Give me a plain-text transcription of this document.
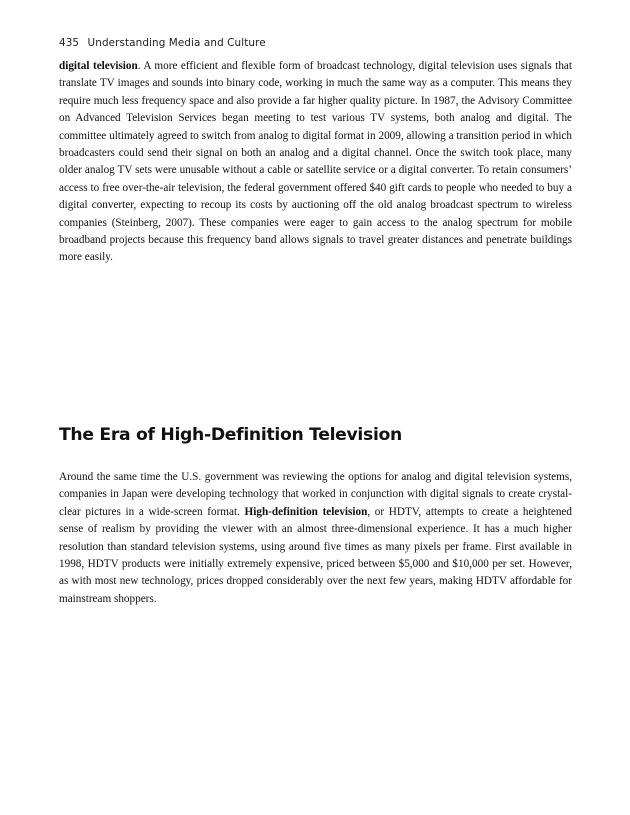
435 Understanding Media and Culture

digital television. A more efficient and flexible form of broadcast technology, digital television uses signals that translate TV images and sounds into binary code, working in much the same way as a computer. This means they require much less frequency space and also provide a far higher quality picture. In 1987, the Advisory Committee on Advanced Television Services began meeting to test various TV systems, both analog and digital. The committee ultimately agreed to switch from analog to digital format in 2009, allowing a transition period in which broadcasters could send their signal on both an analog and a digital channel. Once the switch took place, many older analog TV sets were unusable without a cable or satellite service or a digital converter. To retain consumers’ access to free over-the-air television, the federal government offered $40 gift cards to people who needed to buy a digital converter, expecting to recoup its costs by auctioning off the old analog broadcast spectrum to wireless companies (Steinberg, 2007). These companies were eager to gain access to the analog spectrum for mobile broadband projects because this frequency band allows signals to travel greater distances and penetrate buildings more easily.

The Era of High-Definition Television

Around the same time the U.S. government was reviewing the options for analog and digital television systems, companies in Japan were developing technology that worked in conjunction with digital signals to create crystal-clear pictures in a wide-screen format. High-definition television, or HDTV, attempts to create a heightened sense of realism by providing the viewer with an almost three-dimensional experience. It has a much higher resolution than standard television systems, using around five times as many pixels per frame. First available in 1998, HDTV products were initially extremely expensive, priced between $5,000 and $10,000 per set. However, as with most new technology, prices dropped considerably over the next few years, making HDTV affordable for mainstream shoppers.
